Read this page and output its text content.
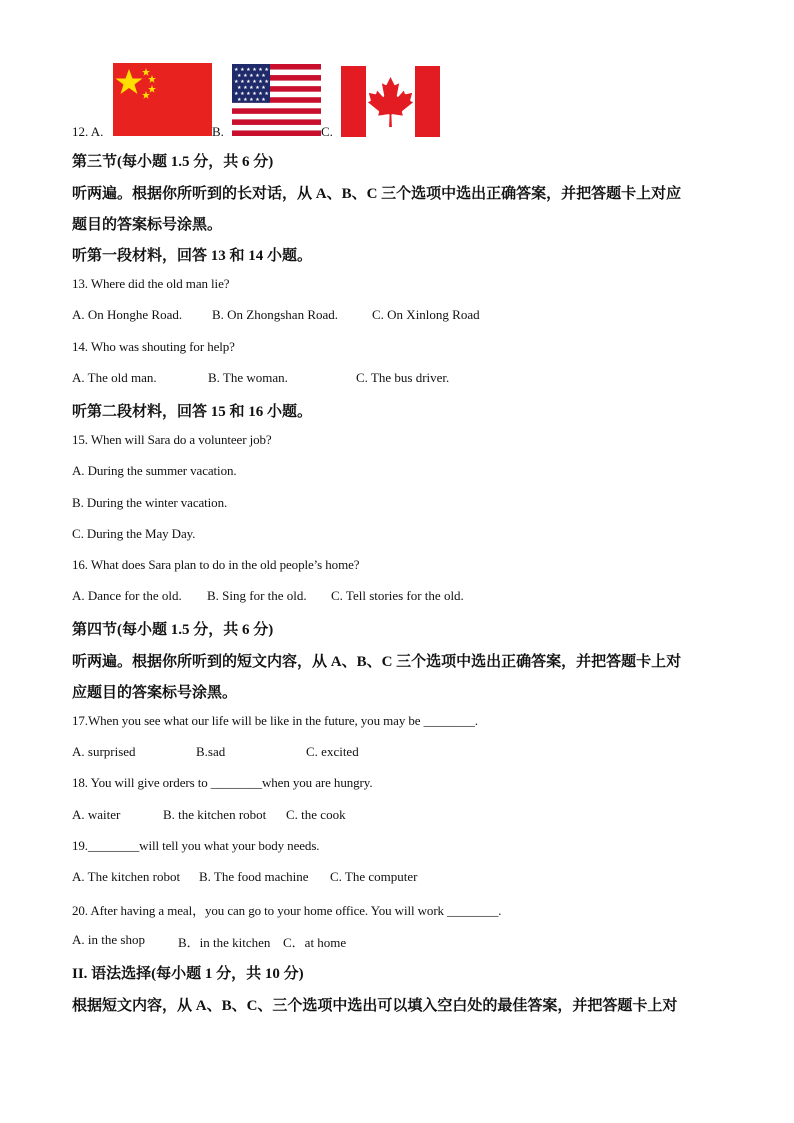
12. A.	B.
★ ★ ★ ★ ★ ★
★ ★ ★ ★ ★
★ ★ ★ ★ ★ ★
★ ★ ★ ★ ★
★ ★ ★ ★ ★ ★
★ ★ ★ ★ ★
C.
第三节(每小题 1.5 分，共 6 分)
听两遍。根据你所听到的长对话，从 A、B、C 三个选项中选出正确答案，并把答题卡上对应
题目的答案标号涂黑。
听第一段材料，回答 13 和 14 小题。
13. Where did the old man lie?
A. On Honghe Road. B. On Zhongshan Road.	C. On Xinlong Road
14. Who was shouting for help?
A. The old man.	B. The woman.	C. The bus driver.
听第二段材料，回答 15 和 16 小题。
15. When will Sara do a volunteer job?
A. During the summer vacation.
B. During the winter vacation.
C. During the May Day.
16. What does Sara plan to do in the old people’s home?
A. Dance for the old. B. Sing for the old. C. Tell stories for the old.
第四节(每小题 1.5 分，共 6 分)
听两遍。根据你所听到的短文内容，从 A、B、C 三个选项中选出正确答案，并把答题卡上对
应题目的答案标号涂黑。
17.When you see what our life will be like in the future, you may be ________.
A. surprised	B.sad	C. excited
18. You will give orders to ________when you are hungry.
A. waiter	B. the kitchen robot C. the cook
19.________will tell you what your body needs.
A. The kitchen robot B. The food machine C. The computer
20. After having a meal，you can go to your home office. You will work ________.
A. in the shop	B．in the kitchen C．at home
II. 语法选择(每小题 1 分，共 10 分)
根据短文内容，从 A、B、C、三个选项中选出可以填入空白处的最佳答案，并把答题卡上对
